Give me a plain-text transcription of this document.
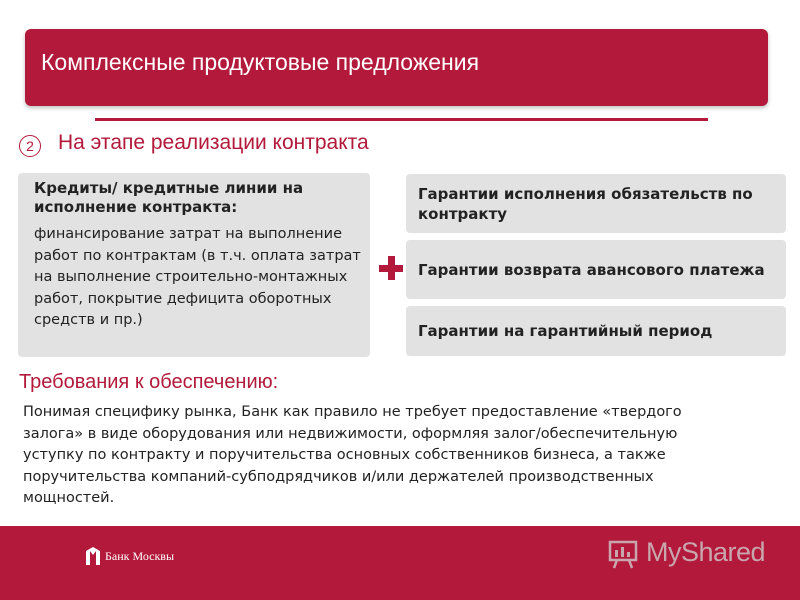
Комплексные продуктовые предложения
2	На этапе реализации контракта
Кредиты/ кредитные линии на исполнение контракта:
финансирование затрат на выполнение работ по контрактам (в т.ч. оплата затрат на выполнение строительно-монтажных работ, покрытие дефицита оборотных средств и пр.)
Гарантии исполнения обязательств по контракту
Гарантии возврата авансового платежа
Гарантии на гарантийный период
Требования к обеспечению:
Понимая специфику рынка, Банк как правило не требует предоставление «твердого залога» в виде оборудования или недвижимости, оформляя залог/обеспечительную уступку по контракту и поручительства основных собственников бизнеса, а также поручительства компаний-субподрядчиков и/или держателей производственных мощностей.
Банк Москвы	MyShared
